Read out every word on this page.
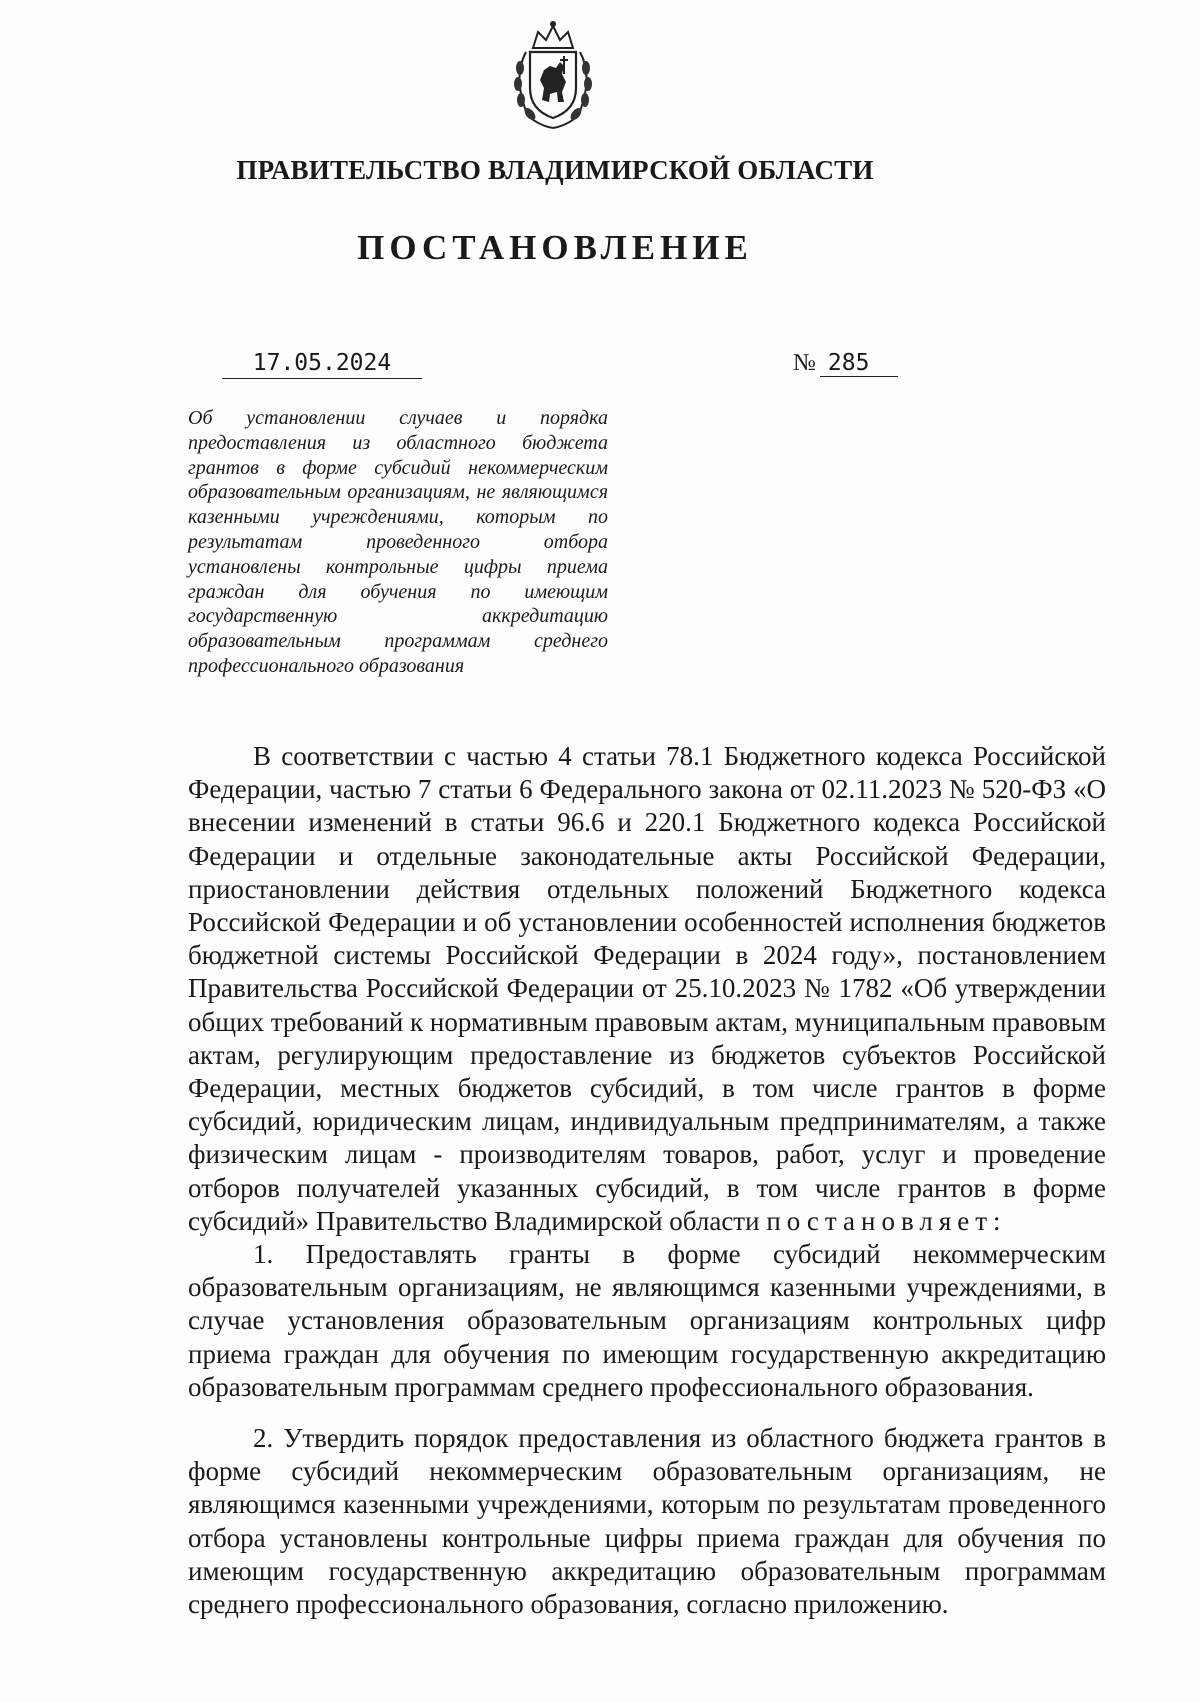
ПРАВИТЕЛЬСТВО ВЛАДИМИРСКОЙ ОБЛАСТИ
ПОСТАНОВЛЕНИЕ
17.05.2024	№ 285
Об установлении случаев и порядка предоставления из областного бюджета грантов в форме субсидий некоммерческим образовательным организациям, не являющимся казенными учреждениями, которым по результатам проведенного отбора установлены контрольные цифры приема граждан для обучения по имеющим государственную аккредитацию образовательным программам среднего профессионального образования

В соответствии с частью 4 статьи 78.1 Бюджетного кодекса Российской Федерации, частью 7 статьи 6 Федерального закона от 02.11.2023 № 520-ФЗ «О внесении изменений в статьи 96.6 и 220.1 Бюджетного кодекса Российской Федерации и отдельные законодательные акты Российской Федерации, приостановлении действия отдельных положений Бюджетного кодекса Российской Федерации и об установлении особенностей исполнения бюджетов бюджетной системы Российской Федерации в 2024 году», постановлением Правительства Российской Федерации от 25.10.2023 № 1782 «Об утверждении общих требований к нормативным правовым актам, муниципальным правовым актам, регулирующим предоставление из бюджетов субъектов Российской Федерации, местных бюджетов субсидий, в том числе грантов в форме субсидий, юридическим лицам, индивидуальным предпринимателям, а также физическим лицам - производителям товаров, работ, услуг и проведение отборов получателей указанных субсидий, в том числе грантов в форме субсидий» Правительство Владимирской области постановляет:

1. Предоставлять гранты в форме субсидий некоммерческим образовательным организациям, не являющимся казенными учреждениями, в случае установления образовательным организациям контрольных цифр приема граждан для обучения по имеющим государственную аккредитацию образовательным программам среднего профессионального образования.

2. Утвердить порядок предоставления из областного бюджета грантов в форме субсидий некоммерческим образовательным организациям, не являющимся казенными учреждениями, которым по результатам проведенного отбора установлены контрольные цифры приема граждан для обучения по имеющим государственную аккредитацию образовательным программам среднего профессионального образования, согласно приложению.
